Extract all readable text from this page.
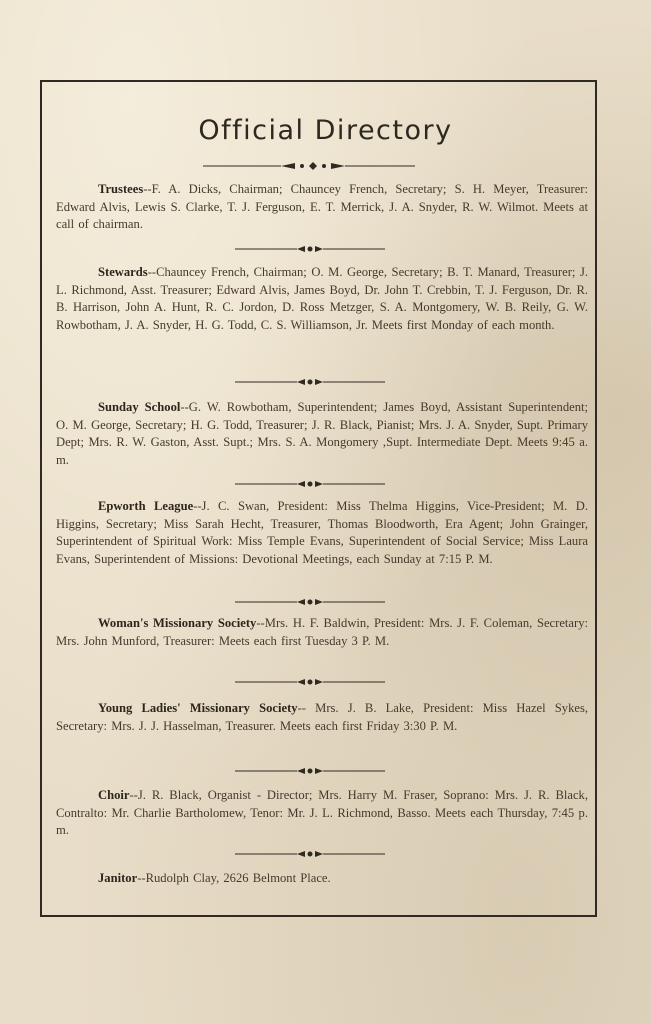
Official Directory
Trustees--F. A. Dicks, Chairman; Chauncey French, Secretary; S. H. Meyer, Treasurer: Edward Alvis, Lewis S. Clarke, T. J. Ferguson, E. T. Merrick, J. A. Snyder, R. W. Wilmot. Meets at call of chairman.
Stewards--Chauncey French, Chairman; O. M. George, Secretary; B. T. Manard, Treasurer; J. L. Richmond, Asst. Treasurer; Edward Alvis, James Boyd, Dr. John T. Crebbin, T. J. Ferguson, Dr. R. B. Harrison, John A. Hunt, R. C. Jordon, D. Ross Metzger, S. A. Montgomery, W. B. Reily, G. W. Rowbotham, J. A. Snyder, H. G. Todd, C. S. Williamson, Jr. Meets first Monday of each month.
Sunday School--G. W. Rowbotham, Superintendent; James Boyd, Assistant Superintendent; O. M. George, Secretary; H. G. Todd, Treasurer; J. R. Black, Pianist; Mrs. J. A. Snyder, Supt. Primary Dept; Mrs. R. W. Gaston, Asst. Supt.; Mrs. S. A. Mongomery ,Supt. Intermediate Dept. Meets 9:45 a. m.
Epworth League--J. C. Swan, President: Miss Thelma Higgins, Vice-President; M. D. Higgins, Secretary; Miss Sarah Hecht, Treasurer, Thomas Bloodworth, Era Agent; John Grainger, Superintendent of Spiritual Work: Miss Temple Evans, Superintendent of Social Service; Miss Laura Evans, Superintendent of Missions: Devotional Meetings, each Sunday at 7:15 P. M.
Woman's Missionary Society--Mrs. H. F. Baldwin, President: Mrs. J. F. Coleman, Secretary: Mrs. John Munford, Treasurer: Meets each first Tuesday 3 P. M.
Young Ladies' Missionary Society-- Mrs. J. B. Lake, President: Miss Hazel Sykes, Secretary: Mrs. J. J. Hasselman, Treasurer. Meets each first Friday 3:30 P. M.
Choir--J. R. Black, Organist - Director; Mrs. Harry M. Fraser, Soprano: Mrs. J. R. Black, Contralto: Mr. Charlie Bartholomew, Tenor: Mr. J. L. Richmond, Basso. Meets each Thursday, 7:45 p. m.
Janitor--Rudolph Clay, 2626 Belmont Place.
